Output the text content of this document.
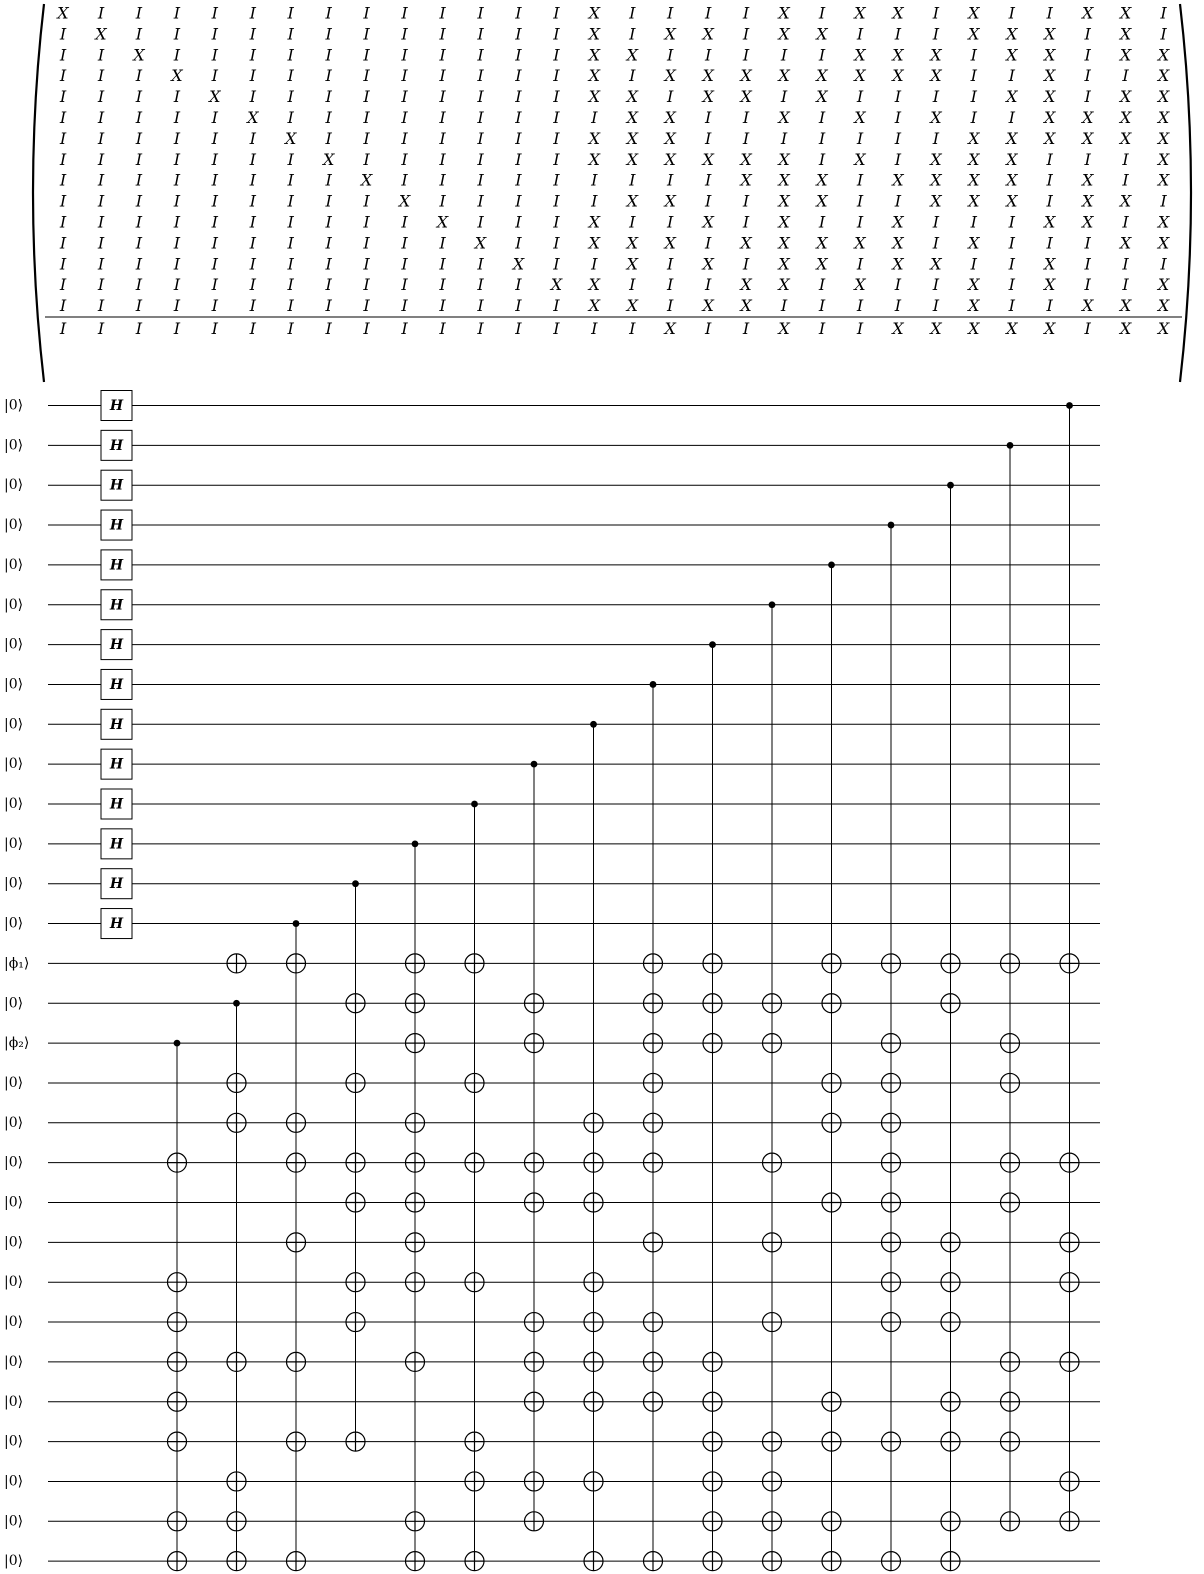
X I I I I I I I I I I I I I X I I I I X I X X I X I I X X I
I X I I I I I I I I I I I I X I X X I X X I I I X X X I X I
I I X I I I I I I I I I I I X X I I I I I X X X I X X I X X
I I I X I I I I I I I I I I X I X X X X X X X X I I X I I X
I I I I X I I I I I I I I I X X I X X I X I I I I X X I X X
I I I I I X I I I I I I I I I X X I I X I X I X I I X X X X
I I I I I I X I I I I I I I X X X I I I I I I I X X X X X X
I I I I I I I X I I I I I I X X X X X X I X I X X X I I I X
I I I I I I I I X I I I I I I I I I X X X I X X X X I X I X
I I I I I I I I I X I I I I I X X I I X X I I X X X I X X I
I I I I I I I I I I X I I I X I I X I X I I X I I I X X I X
I I I I I I I I I I I X I I X X X I X X X X X I X I I I X X
I I I I I I I I I I I I X I I X I X I X X I X X I I X I I I
I I I I I I I I I I I I I X X I I I X X I X I I X I X I I X
I I I I I I I I I I I I I I X X I X X I I I I I X I I X X X
I I I I I I I I I I I I I I I I X I I X I I X X X X X I X X
|0⟩	H
|0⟩	H
|0⟩	H
|0⟩	H
|0⟩	H
|0⟩	H
|0⟩	H
|0⟩	H
|0⟩	H
|0⟩	H
|0⟩	H
|0⟩	H
|0⟩	H
|0⟩	H
|ϕ₁⟩
|0⟩
|ϕ₂⟩
|0⟩
|0⟩
|0⟩
|0⟩
|0⟩
|0⟩
|0⟩
|0⟩
|0⟩
|0⟩
|0⟩
|0⟩
|0⟩
